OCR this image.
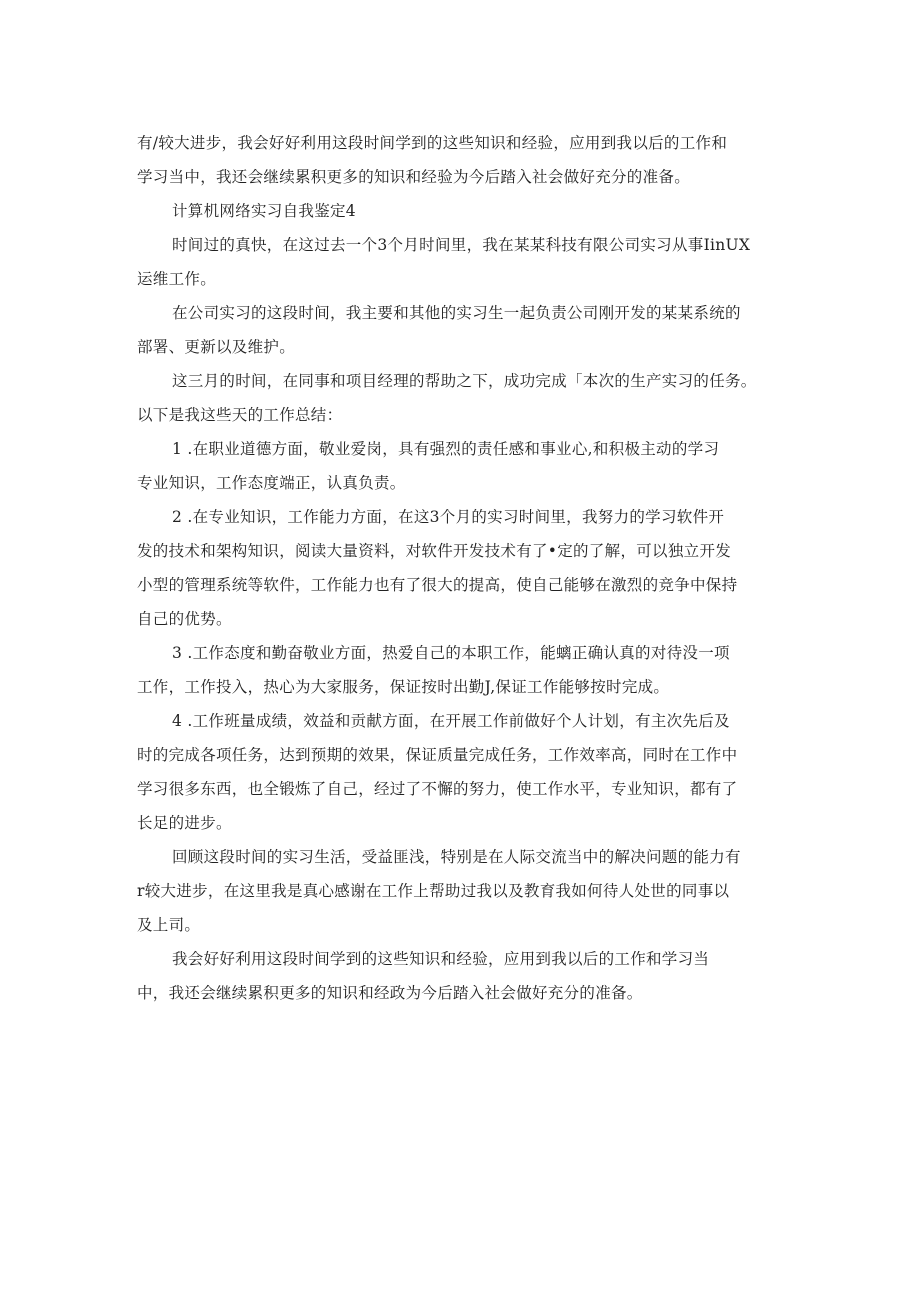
有/较大进步，我会好好利用这段时间学到的这些知识和经验，应用到我以后的工作和
学习当中，我还会继续累积更多的知识和经验为今后踏入社会做好充分的准备。
计算机网络实习自我鉴定4
时间过的真快，在这过去一个3个月时间里，我在某某科技有限公司实习从事IinUX
运维工作。
在公司实习的这段时间，我主要和其他的实习生一起负责公司刚开发的某某系统的
部署、更新以及维护。
这三月的时间，在同事和项目经理的帮助之下，成功完成「本次的生产实习的任务。
以下是我这些天的工作总结：
1 .在职业道德方面，敬业爱岗，具有强烈的责任感和事业心,和积极主动的学习
专业知识，工作态度端正，认真负责。
2 .在专业知识，工作能力方面，在这3个月的实习时间里，我努力的学习软件开
发的技术和架构知识，阅读大量资料，对软件开发技术有了•定的了解，可以独立开发
小型的管理系统等软件，工作能力也有了很大的提高，使自己能够在激烈的竞争中保持
自己的优势。
3 .工作态度和勤奋敬业方面，热爱自己的本职工作，能螭正确认真的对待没一项
工作，工作投入，热心为大家服务，保证按时出勤J,保证工作能够按时完成。
4 .工作班量成绩，效益和贡献方面，在开展工作前做好个人计划，有主次先后及
时的完成各项任务，达到预期的效果，保证质量完成任务，工作效率高，同时在工作中
学习很多东西，也全锻炼了自己，经过了不懈的努力，使工作水平，专业知识，都有了
长足的进步。
回顾这段时间的实习生活，受益匪浅，特别是在人际交流当中的解决问题的能力有
r较大进步，在这里我是真心感谢在工作上帮助过我以及教育我如何待人处世的同事以
及上司。
我会好好利用这段时间学到的这些知识和经验，应用到我以后的工作和学习当
中，我还会继续累积更多的知识和经政为今后踏入社会做好充分的准备。
